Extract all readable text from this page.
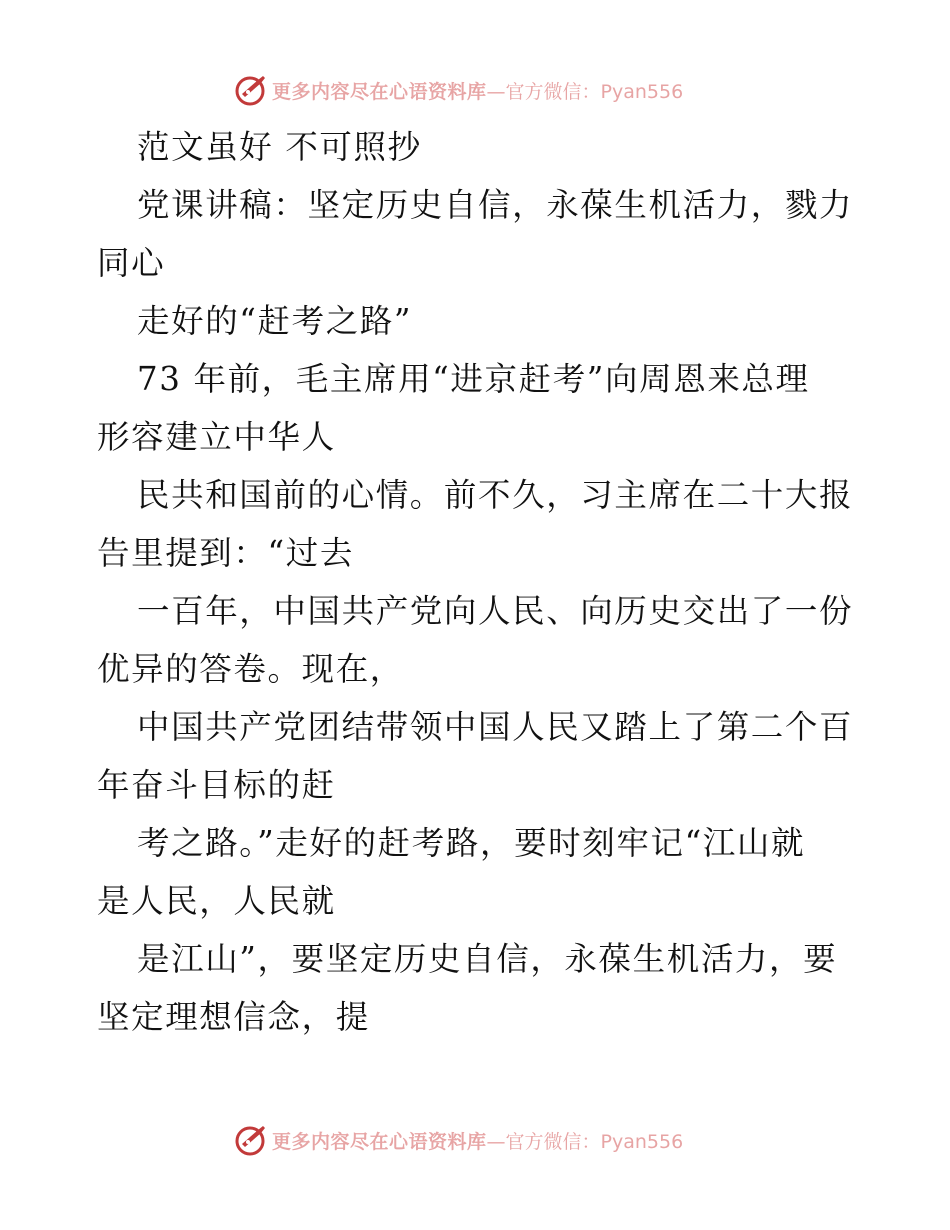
更多内容尽在心语资料库 —官方微信：Pyan556
范文虽好 不可照抄
党课讲稿：坚定历史自信，永葆生机活力，戮力
同心
走好的“赶考之路”
73 年前，毛主席用“进京赶考”向周恩来总理
形容建立中华人
民共和国前的心情。前不久，习主席在二十大报
告里提到：“过去
一百年，中国共产党向人民、向历史交出了一份
优异的答卷。现在，
中国共产党团结带领中国人民又踏上了第二个百
年奋斗目标的赶
考之路。”走好的赶考路，要时刻牢记“江山就
是人民，人民就
是江山”，要坚定历史自信，永葆生机活力，要
坚定理想信念，提
更多内容尽在心语资料库 —官方微信：Pyan556
